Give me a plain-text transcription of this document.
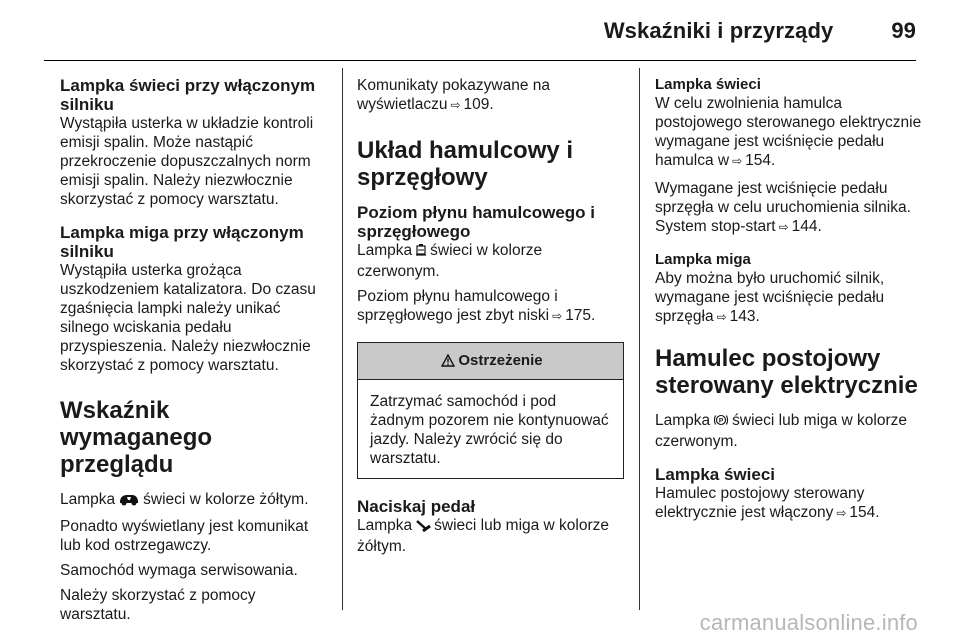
Wskaźniki i przyrządy	99

Lampka świeci przy włączonym silniku

Wystąpiła usterka w układzie kontroli emisji spalin. Może nastąpić przekroczenie dopuszczalnych norm emisji spalin. Należy niezwłocznie skorzystać z pomocy warsztatu.

Lampka miga przy włączonym silniku

Wystąpiła usterka grożąca uszkodzeniem katalizatora. Do czasu zgaśnięcia lampki należy unikać silnego wciskania pedału przyspieszenia. Należy niezwłocznie skorzystać z pomocy warsztatu.

Wskaźnik wymaganego przeglądu

Lampka świeci w kolorze żółtym.

Ponadto wyświetlany jest komunikat lub kod ostrzegawczy.

Samochód wymaga serwisowania.

Należy skorzystać z pomocy warsztatu.

Komunikaty pokazywane na wyświetlaczu ⇨ 109.

Układ hamulcowy i sprzęgłowy

Poziom płynu hamulcowego i sprzęgłowego

Lampka świeci w kolorze czerwonym.

Poziom płynu hamulcowego i sprzęgłowego jest zbyt niski ⇨ 175.

Ostrzeżenie
Zatrzymać samochód i pod żadnym pozorem nie kontynuować jazdy. Należy zwrócić się do warsztatu.

Naciskaj pedał

Lampka świeci lub miga w kolorze żółtym.

Lampka świeci

W celu zwolnienia hamulca postojowego sterowanego elektrycznie wymagane jest wciśnięcie pedału hamulca w ⇨ 154.

Wymagane jest wciśnięcie pedału sprzęgła w celu uruchomienia silnika. System stop-start ⇨ 144.

Lampka miga

Aby można było uruchomić silnik, wymagane jest wciśnięcie pedału sprzęgła ⇨ 143.

Hamulec postojowy sterowany elektrycznie

Lampka P świeci lub miga w kolorze czerwonym.

Lampka świeci

Hamulec postojowy sterowany elektrycznie jest włączony ⇨ 154.

carmanualsonline.info
